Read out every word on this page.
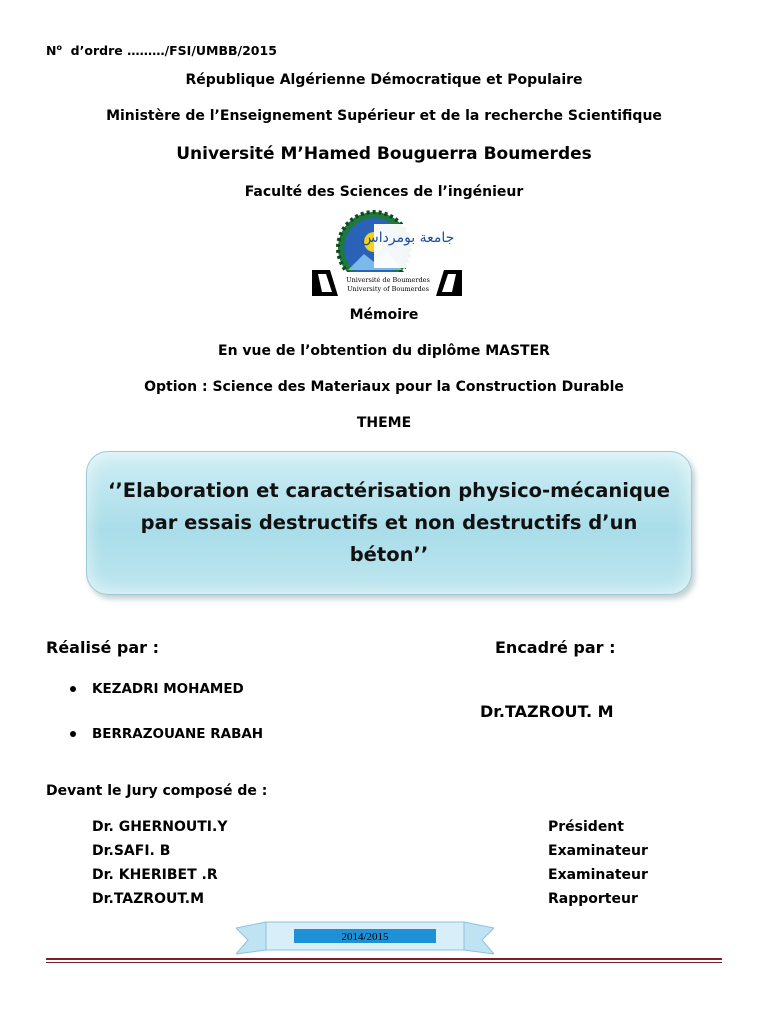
$N^o$  d’ordre ………/FSI/UMBB/2015
République Algérienne Démocratique et Populaire
Ministère de l’Enseignement Supérieur et de la recherche Scientifique
Université M’Hamed Bouguerra Boumerdes
Faculté des Sciences de l’ingénieur
جامعة بومرداس
Université de Boumerdes
University of Boumerdes
Mémoire
En vue de l’obtention du diplôme MASTER
Option : Science des Materiaux pour la Construction Durable
THEME
‘’Elaboration et caractérisation physico-mécanique
par essais destructifs et non destructifs d’un béton’’
Réalisé par :	Encadré par :
KEZADRI MOHAMED
BERRAZOUANE RABAH
Dr.TAZROUT. M
Devant le Jury composé de :
Dr. GHERNOUTI.Y	Président
Dr.SAFI. B	Examinateur
Dr. KHERIBET .R	Examinateur
Dr.TAZROUT.M	Rapporteur
2014/2015
